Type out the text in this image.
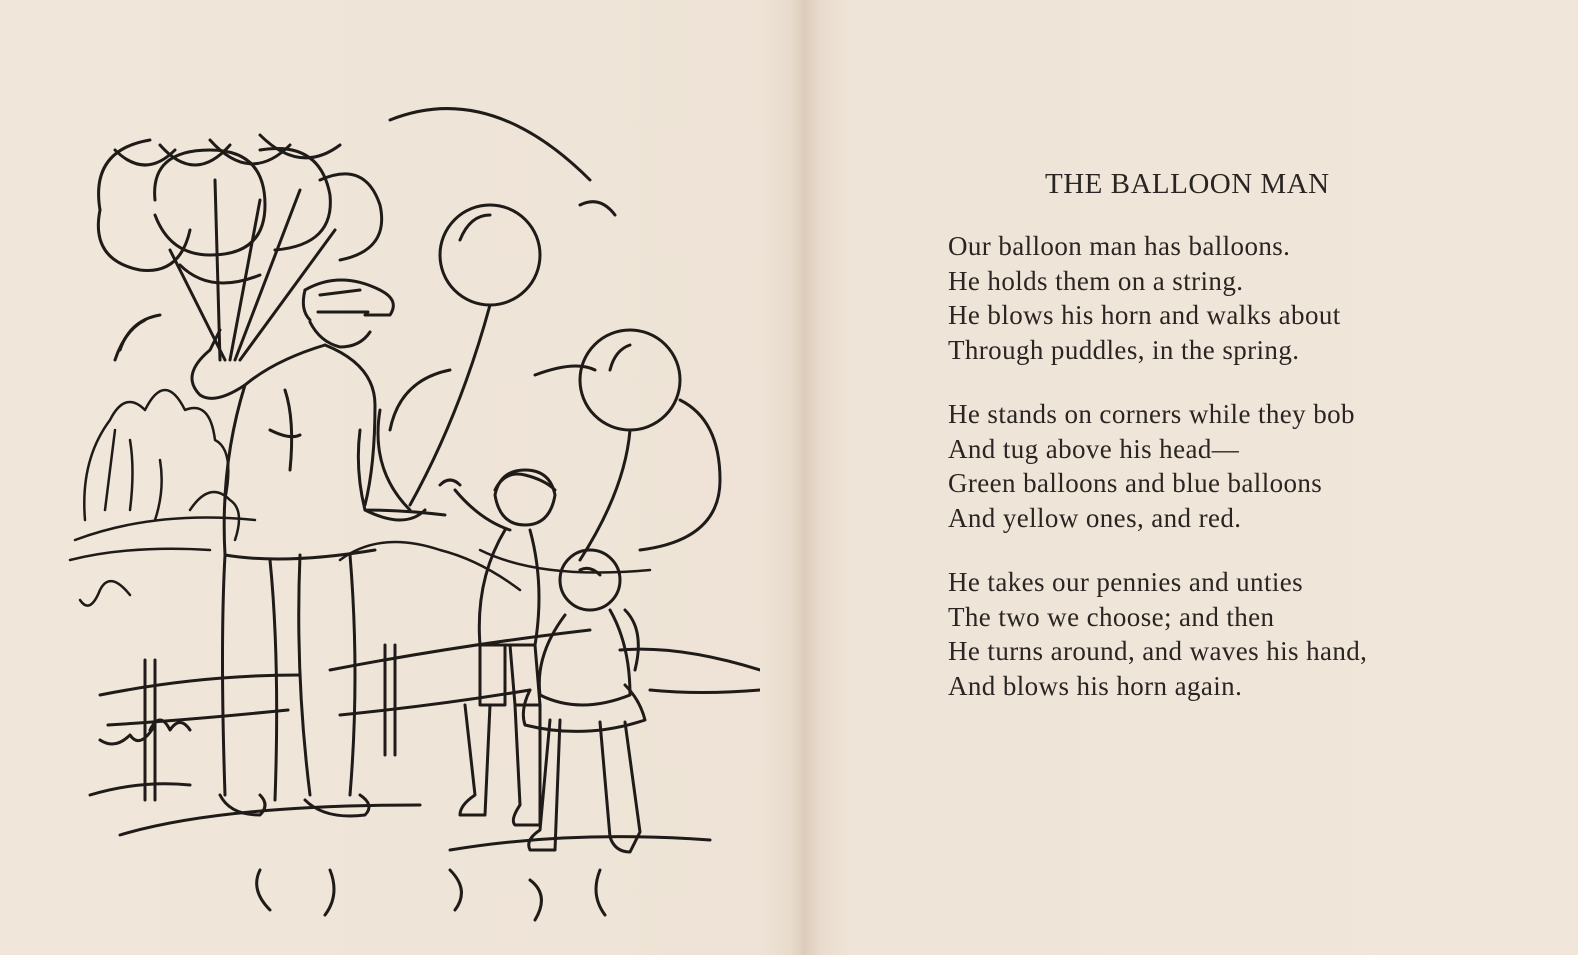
THE BALLOON MAN
Our balloon man has balloons.
He holds them on a string.
He blows his horn and walks about
Through puddles, in the spring.
He stands on corners while they bob
And tug above his head—
Green balloons and blue balloons
And yellow ones, and red.
He takes our pennies and unties
The two we choose; and then
He turns around, and waves his hand,
And blows his horn again.
